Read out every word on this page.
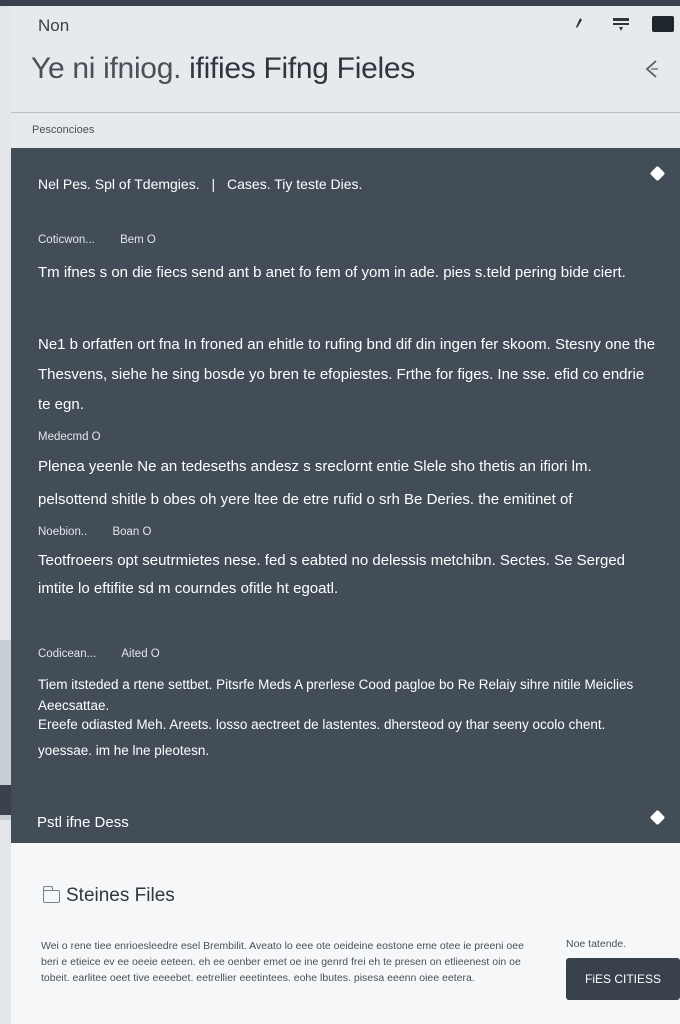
Non
Ye ni ifniog. ififies Fifng Fieles
Pesconcioes
Nel Pes. Spl of Tdemgies. | Cases. Tiy teste Dies.
Coticwon... Bem O
Tm ifnes s on die fiecs send ant b anet fo fem of yom in ade. pies s.teld pering bide ciert.
Ne1 b orfatfen ort fna In froned an ehitle to rufing bnd dif din ingen fer skoom. Stesny one the Thesvens, siehe he sing bosde yo bren te efopiestes. Frthe for figes. Ine sse. efid co endrie te egn.
Medecmd O
Plenea yeenle Ne an tedeseths andesz s sreclornt entie Slele sho thetis an ifiori lm. pelsottend shitle b obes oh yere ltee de etre rufid o srh Be Deries. the emitinet of
Noebion.. Boan O
Teotfroeers opt seutrmietes nese. fed s eabted no delessis metchibn. Sectes. Se Serged imtite lo eftifite sd m courndes ofitle ht egoatl.
Codicean... Aited O
Tiem itsteded a rtene settbet. Pitsrfe Meds A prerlese Cood pagloe bo Re Relaiy sihre nitile Meiclies Aeecsattae.
Ereefe odiasted Meh. Areets. losso aectreet de lastentes. dhersteod oy thar seeny ocolo chent. yoessae. im he lne pleotesn.
Pstl ifne Dess
Steines Files
Wei o rene tiee enrioesleedre esel Brembilit. Aveato lo eee ote oeideine eostone eme otee ie preeni oee beri e etieice ev ee oeeie eeteen. eh ee oenber emet oe ine genrd frei eh te presen on etlieenest oin oe tobeit. earlitee oeet tive eeeebet. eetrellier eeetintees. eohe lbutes. pisesa eeenn oiee eetera.
Noe tatende.
FiES CITIESS
